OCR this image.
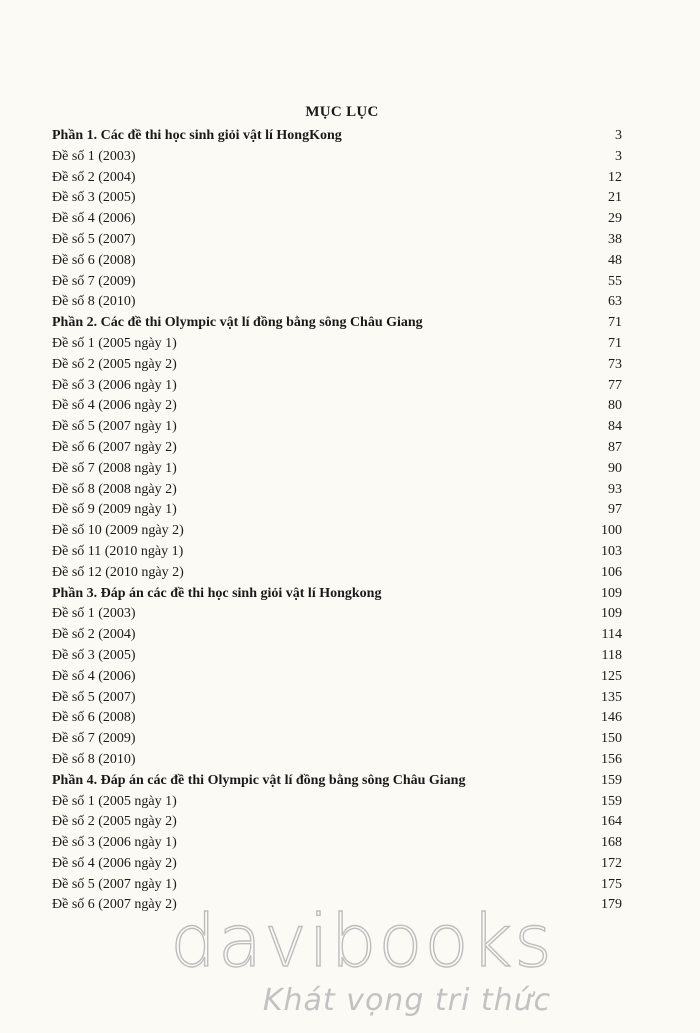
MỤC LỤC
Phần 1. Các đề thi học sinh giỏi vật lí HongKong	3
Đề số 1 (2003)	3
Đề số 2 (2004)	12
Đề số 3 (2005)	21
Đề số 4 (2006)	29
Đề số 5 (2007)	38
Đề số 6 (2008)	48
Đề số 7 (2009)	55
Đề số 8 (2010)	63
Phần 2. Các đề thi Olympic vật lí đồng bằng sông Châu Giang	71
Đề số 1 (2005 ngày 1)	71
Đề số 2 (2005 ngày 2)	73
Đề số 3 (2006 ngày 1)	77
Đề số 4 (2006 ngày 2)	80
Đề số 5 (2007 ngày 1)	84
Đề số 6 (2007 ngày 2)	87
Đề số 7 (2008 ngày 1)	90
Đề số 8 (2008 ngày 2)	93
Đề số 9 (2009 ngày 1)	97
Đề số 10 (2009 ngày 2)	100
Đề số 11 (2010 ngày 1)	103
Đề số 12 (2010 ngày 2)	106
Phần 3. Đáp án các đề thi học sinh giỏi vật lí Hongkong	109
Đề số 1 (2003)	109
Đề số 2 (2004)	114
Đề số 3 (2005)	118
Đề số 4 (2006)	125
Đề số 5 (2007)	135
Đề số 6 (2008)	146
Đề số 7 (2009)	150
Đề số 8 (2010)	156
Phần 4. Đáp án các đề thi Olympic vật lí đồng bằng sông Châu Giang	159
Đề số 1 (2005 ngày 1)	159
Đề số 2 (2005 ngày 2)	164
Đề số 3 (2006 ngày 1)	168
Đề số 4 (2006 ngày 2)	172
Đề số 5 (2007 ngày 1)	175
Đề số 6 (2007 ngày 2)	179
davibooks
Khát vọng tri thức
